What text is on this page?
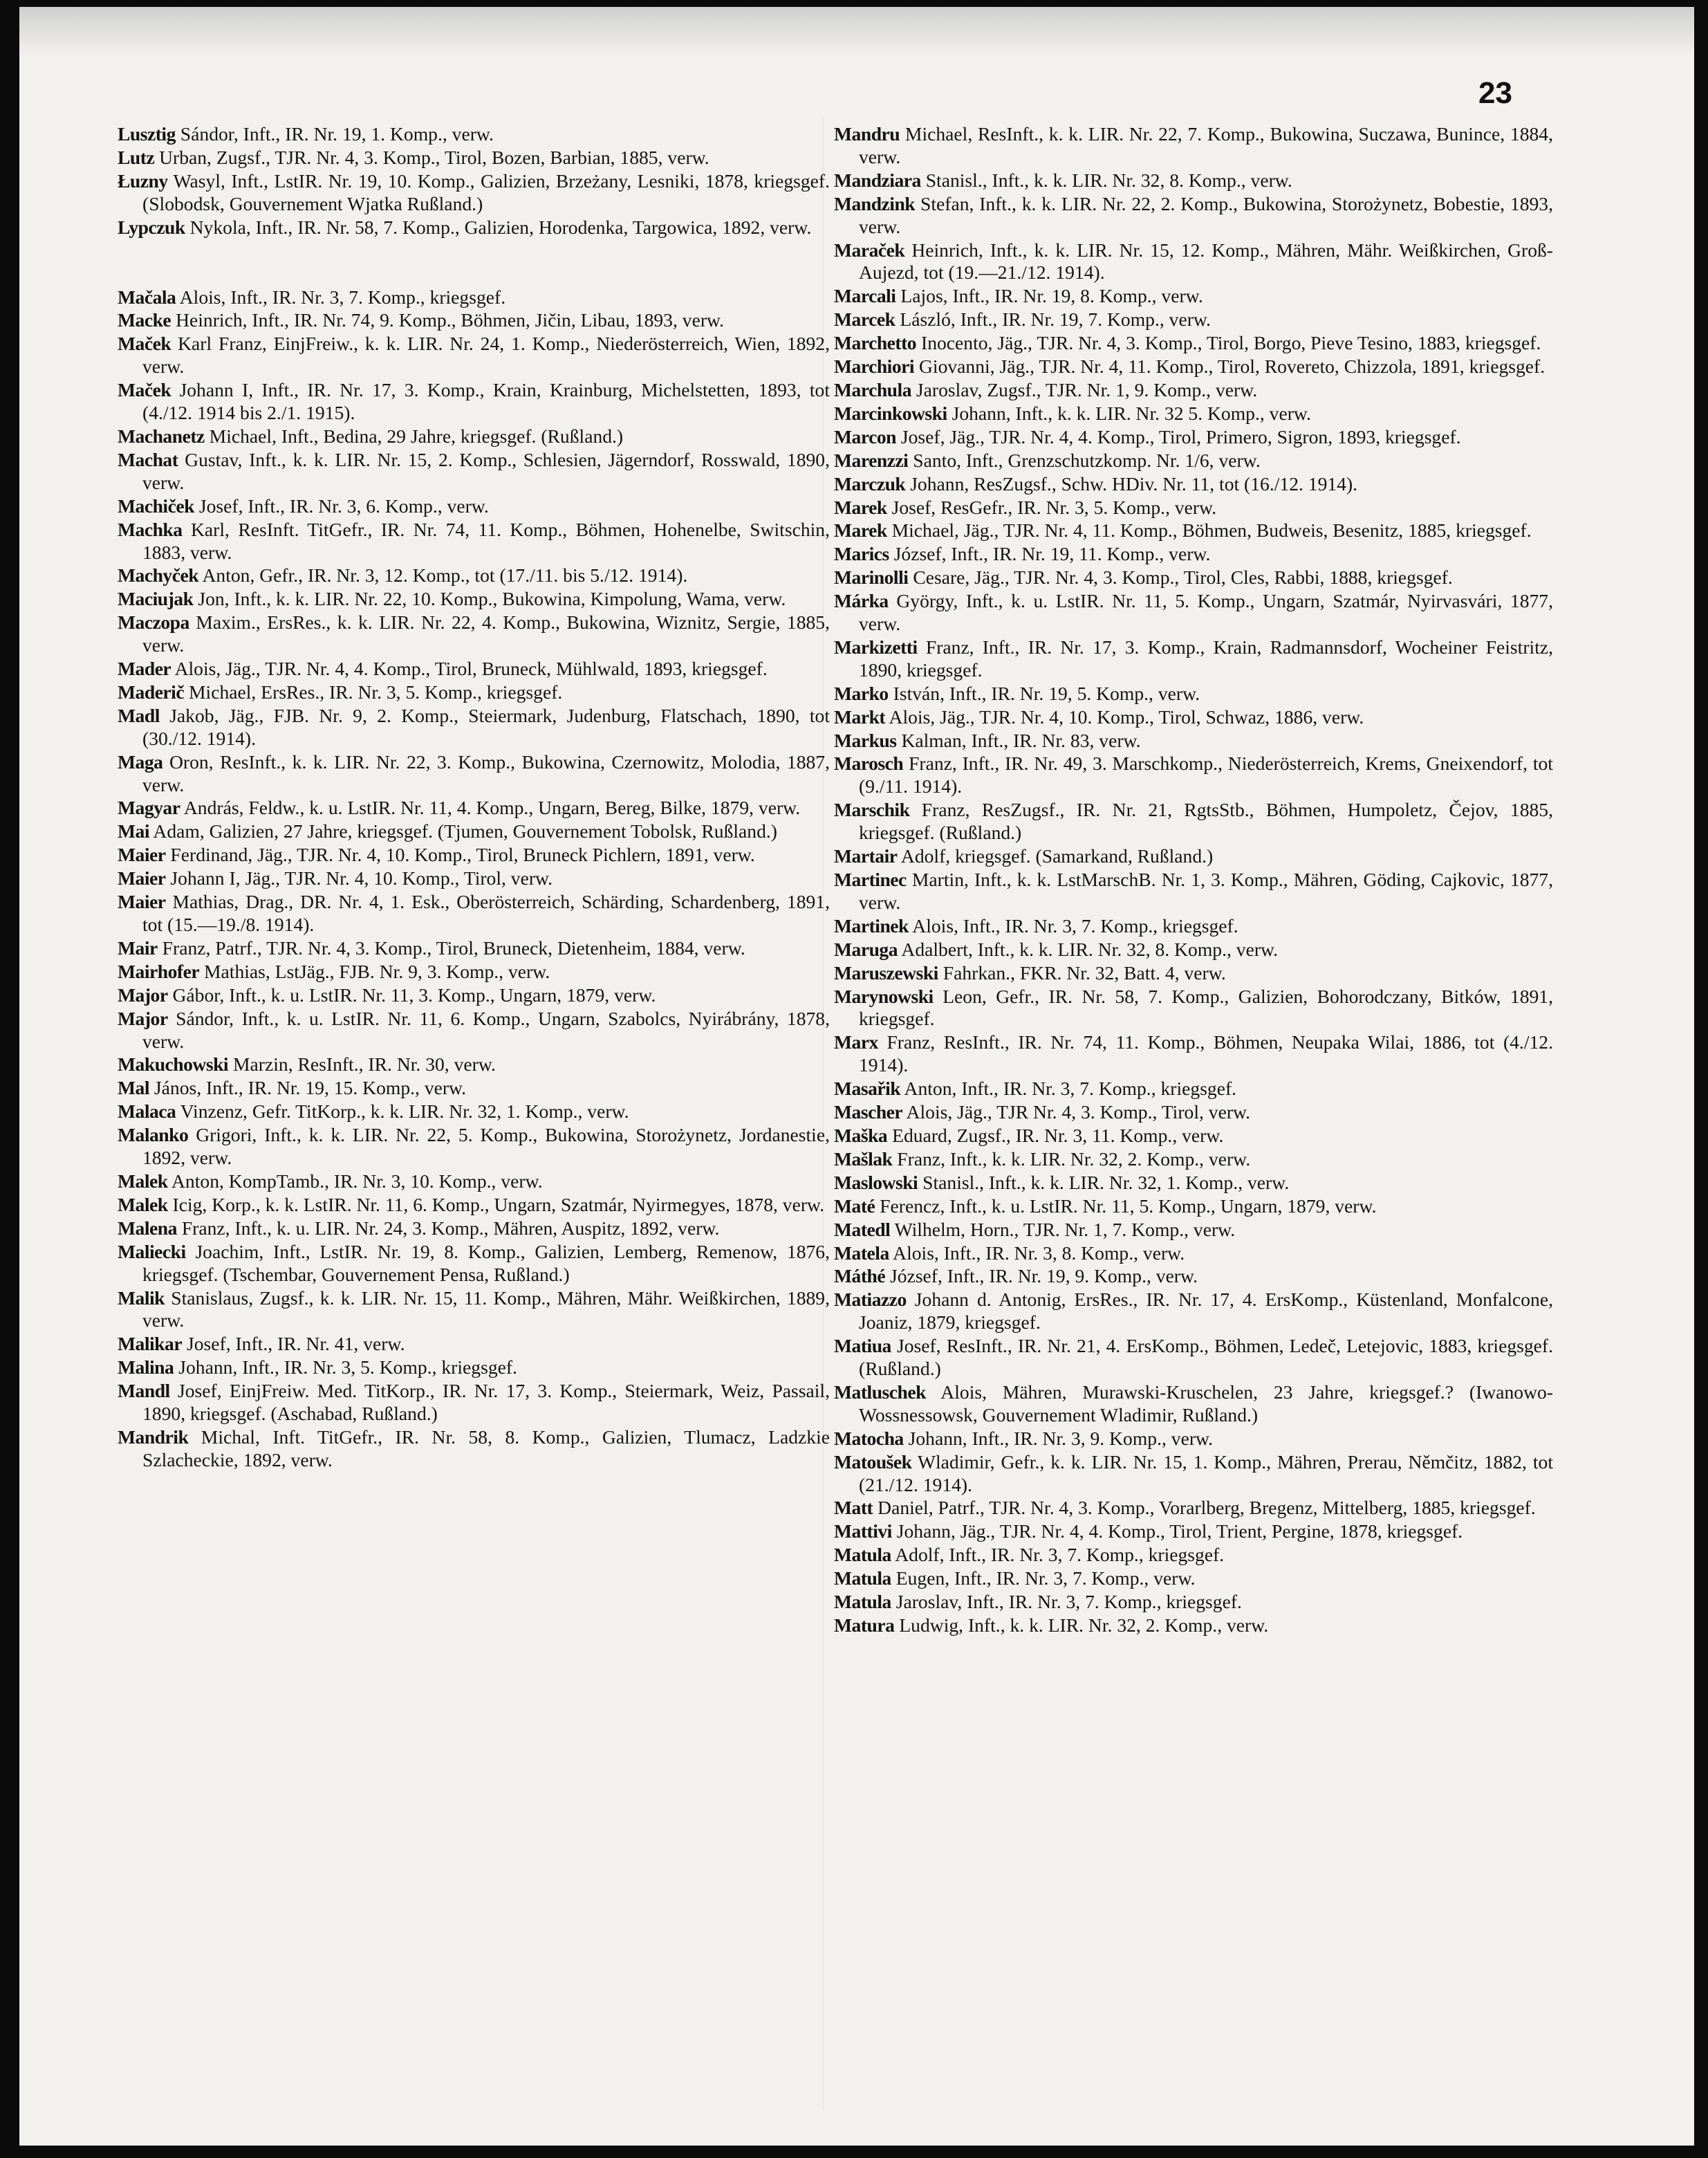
23

Lusztig Sándor, Inft., IR. Nr. 19, 1. Komp., verw.

Lutz Urban, Zugsf., TJR. Nr. 4, 3. Komp., Tirol, Bozen, Barbian, 1885, verw.

Łuzny Wasyl, Inft., LstIR. Nr. 19, 10. Komp., Galizien, Brzeżany, Lesniki, 1878, kriegsgef. (Slobodsk, Gouvernement Wjatka Rußland.)

Lypczuk Nykola, Inft., IR. Nr. 58, 7. Komp., Galizien, Horodenka, Targowica, 1892, verw.

Mačala Alois, Inft., IR. Nr. 3, 7. Komp., kriegsgef.

Macke Heinrich, Inft., IR. Nr. 74, 9. Komp., Böhmen, Jičin, Libau, 1893, verw.

Maček Karl Franz, EinjFreiw., k. k. LIR. Nr. 24, 1. Komp., Niederösterreich, Wien, 1892, verw.

Maček Johann I, Inft., IR. Nr. 17, 3. Komp., Krain, Krainburg, Michelstetten, 1893, tot (4./12. 1914 bis 2./1. 1915).

Machanetz Michael, Inft., Bedina, 29 Jahre, kriegsgef. (Rußland.)

Machat Gustav, Inft., k. k. LIR. Nr. 15, 2. Komp., Schlesien, Jägerndorf, Rosswald, 1890, verw.

Machiček Josef, Inft., IR. Nr. 3, 6. Komp., verw.

Machka Karl, ResInft. TitGefr., IR. Nr. 74, 11. Komp., Böhmen, Hohenelbe, Switschin, 1883, verw.

Machyček Anton, Gefr., IR. Nr. 3, 12. Komp., tot (17./11. bis 5./12. 1914).

Maciujak Jon, Inft., k. k. LIR. Nr. 22, 10. Komp., Bukowina, Kimpolung, Wama, verw.

Maczopa Maxim., ErsRes., k. k. LIR. Nr. 22, 4. Komp., Bukowina, Wiznitz, Sergie, 1885, verw.

Mader Alois, Jäg., TJR. Nr. 4, 4. Komp., Tirol, Bruneck, Mühlwald, 1893, kriegsgef.

Maderič Michael, ErsRes., IR. Nr. 3, 5. Komp., kriegsgef.

Madl Jakob, Jäg., FJB. Nr. 9, 2. Komp., Steiermark, Judenburg, Flatschach, 1890, tot (30./12. 1914).

Maga Oron, ResInft., k. k. LIR. Nr. 22, 3. Komp., Bukowina, Czernowitz, Molodia, 1887, verw.

Magyar András, Feldw., k. u. LstIR. Nr. 11, 4. Komp., Ungarn, Bereg, Bilke, 1879, verw.

Mai Adam, Galizien, 27 Jahre, kriegsgef. (Tjumen, Gouvernement Tobolsk, Rußland.)

Maier Ferdinand, Jäg., TJR. Nr. 4, 10. Komp., Tirol, Bruneck Pichlern, 1891, verw.

Maier Johann I, Jäg., TJR. Nr. 4, 10. Komp., Tirol, verw.

Maier Mathias, Drag., DR. Nr. 4, 1. Esk., Oberösterreich, Schärding, Schardenberg, 1891, tot (15.—19./8. 1914).

Mair Franz, Patrf., TJR. Nr. 4, 3. Komp., Tirol, Bruneck, Dietenheim, 1884, verw.

Mairhofer Mathias, LstJäg., FJB. Nr. 9, 3. Komp., verw.

Major Gábor, Inft., k. u. LstIR. Nr. 11, 3. Komp., Ungarn, 1879, verw.

Major Sándor, Inft., k. u. LstIR. Nr. 11, 6. Komp., Ungarn, Szabolcs, Nyirábrány, 1878, verw.

Makuchowski Marzin, ResInft., IR. Nr. 30, verw.

Mal János, Inft., IR. Nr. 19, 15. Komp., verw.

Malaca Vinzenz, Gefr. TitKorp., k. k. LIR. Nr. 32, 1. Komp., verw.

Malanko Grigori, Inft., k. k. LIR. Nr. 22, 5. Komp., Bukowina, Storożynetz, Jordanestie, 1892, verw.

Malek Anton, KompTamb., IR. Nr. 3, 10. Komp., verw.

Malek Icig, Korp., k. k. LstIR. Nr. 11, 6. Komp., Ungarn, Szatmár, Nyirmegyes, 1878, verw.

Malena Franz, Inft., k. u. LIR. Nr. 24, 3. Komp., Mähren, Auspitz, 1892, verw.

Maliecki Joachim, Inft., LstIR. Nr. 19, 8. Komp., Galizien, Lemberg, Remenow, 1876, kriegsgef. (Tschembar, Gouvernement Pensa, Rußland.)

Malik Stanislaus, Zugsf., k. k. LIR. Nr. 15, 11. Komp., Mähren, Mähr. Weißkirchen, 1889, verw.

Malikar Josef, Inft., IR. Nr. 41, verw.

Malina Johann, Inft., IR. Nr. 3, 5. Komp., kriegsgef.

Mandl Josef, EinjFreiw. Med. TitKorp., IR. Nr. 17, 3. Komp., Steiermark, Weiz, Passail, 1890, kriegsgef. (Aschabad, Rußland.)

Mandrik Michal, Inft. TitGefr., IR. Nr. 58, 8. Komp., Galizien, Tlumacz, Ladzkie Szlacheckie, 1892, verw.

Mandru Michael, ResInft., k. k. LIR. Nr. 22, 7. Komp., Bukowina, Suczawa, Bunince, 1884, verw.

Mandziara Stanisl., Inft., k. k. LIR. Nr. 32, 8. Komp., verw.

Mandzink Stefan, Inft., k. k. LIR. Nr. 22, 2. Komp., Bukowina, Storożynetz, Bobestie, 1893, verw.

Maraček Heinrich, Inft., k. k. LIR. Nr. 15, 12. Komp., Mähren, Mähr. Weißkirchen, Groß-Aujezd, tot (19.—21./12. 1914).

Marcali Lajos, Inft., IR. Nr. 19, 8. Komp., verw.

Marcek László, Inft., IR. Nr. 19, 7. Komp., verw.

Marchetto Inocento, Jäg., TJR. Nr. 4, 3. Komp., Tirol, Borgo, Pieve Tesino, 1883, kriegsgef.

Marchiori Giovanni, Jäg., TJR. Nr. 4, 11. Komp., Tirol, Rovereto, Chizzola, 1891, kriegsgef.

Marchula Jaroslav, Zugsf., TJR. Nr. 1, 9. Komp., verw.

Marcinkowski Johann, Inft., k. k. LIR. Nr. 32 5. Komp., verw.

Marcon Josef, Jäg., TJR. Nr. 4, 4. Komp., Tirol, Primero, Sigron, 1893, kriegsgef.

Marenzzi Santo, Inft., Grenzschutzkomp. Nr. 1/6, verw.

Marczuk Johann, ResZugsf., Schw. HDiv. Nr. 11, tot (16./12. 1914).

Marek Josef, ResGefr., IR. Nr. 3, 5. Komp., verw.

Marek Michael, Jäg., TJR. Nr. 4, 11. Komp., Böhmen, Budweis, Besenitz, 1885, kriegsgef.

Marics József, Inft., IR. Nr. 19, 11. Komp., verw.

Marinolli Cesare, Jäg., TJR. Nr. 4, 3. Komp., Tirol, Cles, Rabbi, 1888, kriegsgef.

Márka György, Inft., k. u. LstIR. Nr. 11, 5. Komp., Ungarn, Szatmár, Nyirvasvári, 1877, verw.

Markizetti Franz, Inft., IR. Nr. 17, 3. Komp., Krain, Radmannsdorf, Wocheiner Feistritz, 1890, kriegsgef.

Marko István, Inft., IR. Nr. 19, 5. Komp., verw.

Markt Alois, Jäg., TJR. Nr. 4, 10. Komp., Tirol, Schwaz, 1886, verw.

Markus Kalman, Inft., IR. Nr. 83, verw.

Marosch Franz, Inft., IR. Nr. 49, 3. Marschkomp., Niederösterreich, Krems, Gneixendorf, tot (9./11. 1914).

Marschik Franz, ResZugsf., IR. Nr. 21, RgtsStb., Böhmen, Humpoletz, Čejov, 1885, kriegsgef. (Rußland.)

Martair Adolf, kriegsgef. (Samarkand, Rußland.)

Martinec Martin, Inft., k. k. LstMarschB. Nr. 1, 3. Komp., Mähren, Göding, Cajkovic, 1877, verw.

Martinek Alois, Inft., IR. Nr. 3, 7. Komp., kriegsgef.

Maruga Adalbert, Inft., k. k. LIR. Nr. 32, 8. Komp., verw.

Maruszewski Fahrkan., FKR. Nr. 32, Batt. 4, verw.

Marynowski Leon, Gefr., IR. Nr. 58, 7. Komp., Galizien, Bohorodczany, Bitków, 1891, kriegsgef.

Marx Franz, ResInft., IR. Nr. 74, 11. Komp., Böhmen, Neupaka Wilai, 1886, tot (4./12. 1914).

Masařik Anton, Inft., IR. Nr. 3, 7. Komp., kriegsgef.

Mascher Alois, Jäg., TJR Nr. 4, 3. Komp., Tirol, verw.

Maška Eduard, Zugsf., IR. Nr. 3, 11. Komp., verw.

Mašlak Franz, Inft., k. k. LIR. Nr. 32, 2. Komp., verw.

Maslowski Stanisl., Inft., k. k. LIR. Nr. 32, 1. Komp., verw.

Maté Ferencz, Inft., k. u. LstIR. Nr. 11, 5. Komp., Ungarn, 1879, verw.

Matedl Wilhelm, Horn., TJR. Nr. 1, 7. Komp., verw.

Matela Alois, Inft., IR. Nr. 3, 8. Komp., verw.

Máthé József, Inft., IR. Nr. 19, 9. Komp., verw.

Matiazzo Johann d. Antonig, ErsRes., IR. Nr. 17, 4. ErsKomp., Küstenland, Monfalcone, Joaniz, 1879, kriegsgef.

Matiua Josef, ResInft., IR. Nr. 21, 4. ErsKomp., Böhmen, Ledeč, Letejovic, 1883, kriegsgef. (Rußland.)

Matluschek Alois, Mähren, Murawski-Kruschelen, 23 Jahre, kriegsgef.? (Iwanowo-Wossnessowsk, Gouvernement Wladimir, Rußland.)

Matocha Johann, Inft., IR. Nr. 3, 9. Komp., verw.

Matoušek Wladimir, Gefr., k. k. LIR. Nr. 15, 1. Komp., Mähren, Prerau, Němčitz, 1882, tot (21./12. 1914).

Matt Daniel, Patrf., TJR. Nr. 4, 3. Komp., Vorarlberg, Bregenz, Mittelberg, 1885, kriegsgef.

Mattivi Johann, Jäg., TJR. Nr. 4, 4. Komp., Tirol, Trient, Pergine, 1878, kriegsgef.

Matula Adolf, Inft., IR. Nr. 3, 7. Komp., kriegsgef.

Matula Eugen, Inft., IR. Nr. 3, 7. Komp., verw.

Matula Jaroslav, Inft., IR. Nr. 3, 7. Komp., kriegsgef.

Matura Ludwig, Inft., k. k. LIR. Nr. 32, 2. Komp., verw.
